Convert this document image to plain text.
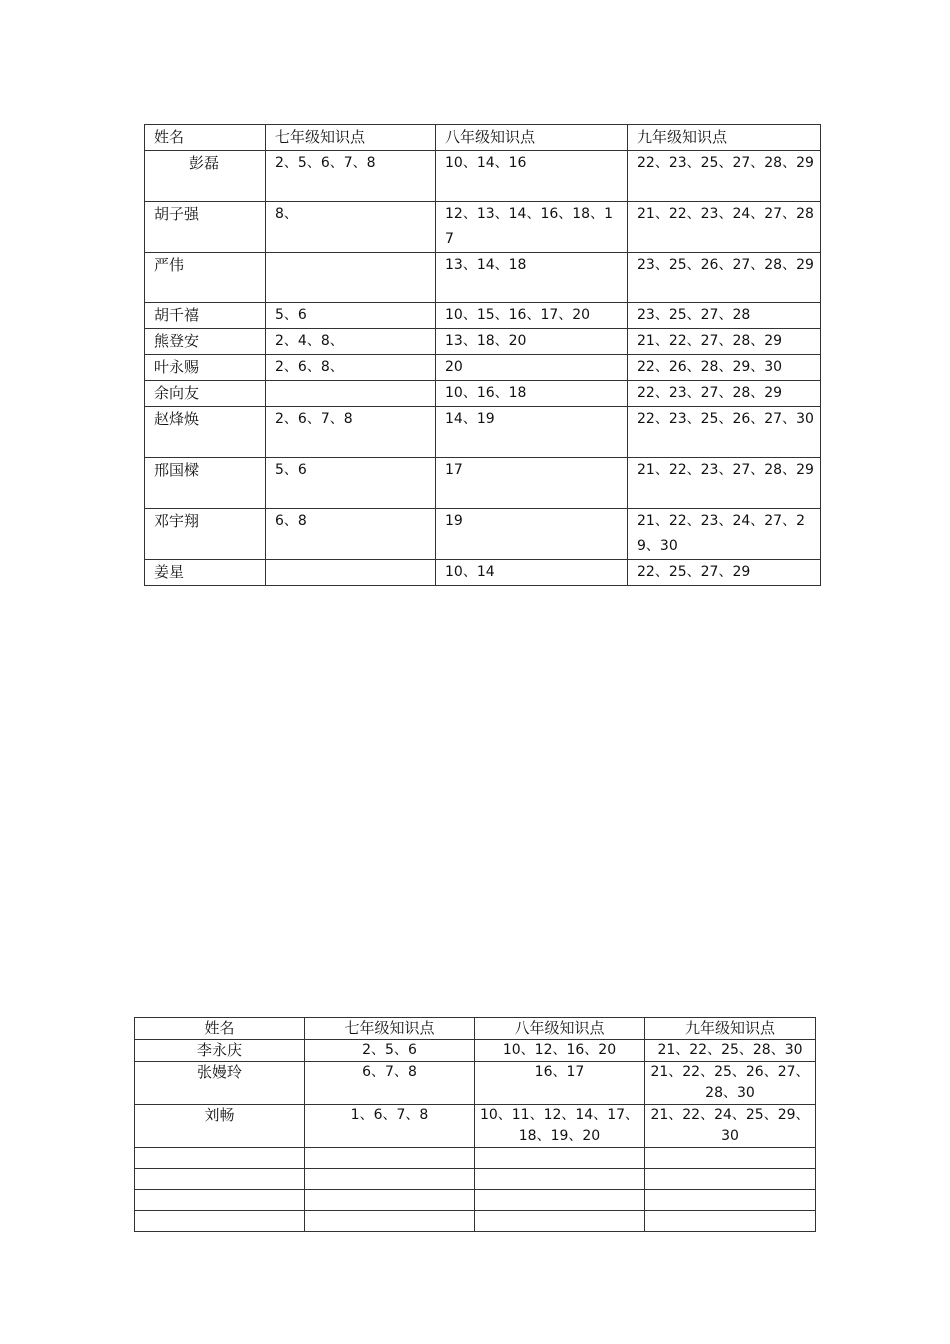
姓名	七年级知识点	八年级知识点	九年级知识点
彭磊	2、5、6、7、8	10、14、16	22、23、25、27、28、29
胡子强	8、	12、13、14、16、18、17	21、22、23、24、27、28
严伟		13、14、18	23、25、26、27、28、29
胡千禧	5、6	10、15、16、17、20	23、25、27、28
熊登安	2、4、8、	13、18、20	21、22、27、28、29
叶永赐	2、6、8、	20	22、26、28、29、30
余向友		10、16、18	22、23、27、28、29
赵烽焕	2、6、7、8	14、19	22、23、25、26、27、30
邢国樑	5、6	17	21、22、23、27、28、29
邓宇翔	6、8	19	21、22、23、24、27、29、30
姜星		10、14	22、25、27、29
姓名	七年级知识点	八年级知识点	九年级知识点
李永庆	2、5、6	10、12、16、20	21、22、25、28、30
张嫚玲	6、7、8	16、17	21、22、25、26、27、28、30
刘畅	1、6、7、8	10、11、12、14、17、18、19、20	21、22、24、25、29、30
